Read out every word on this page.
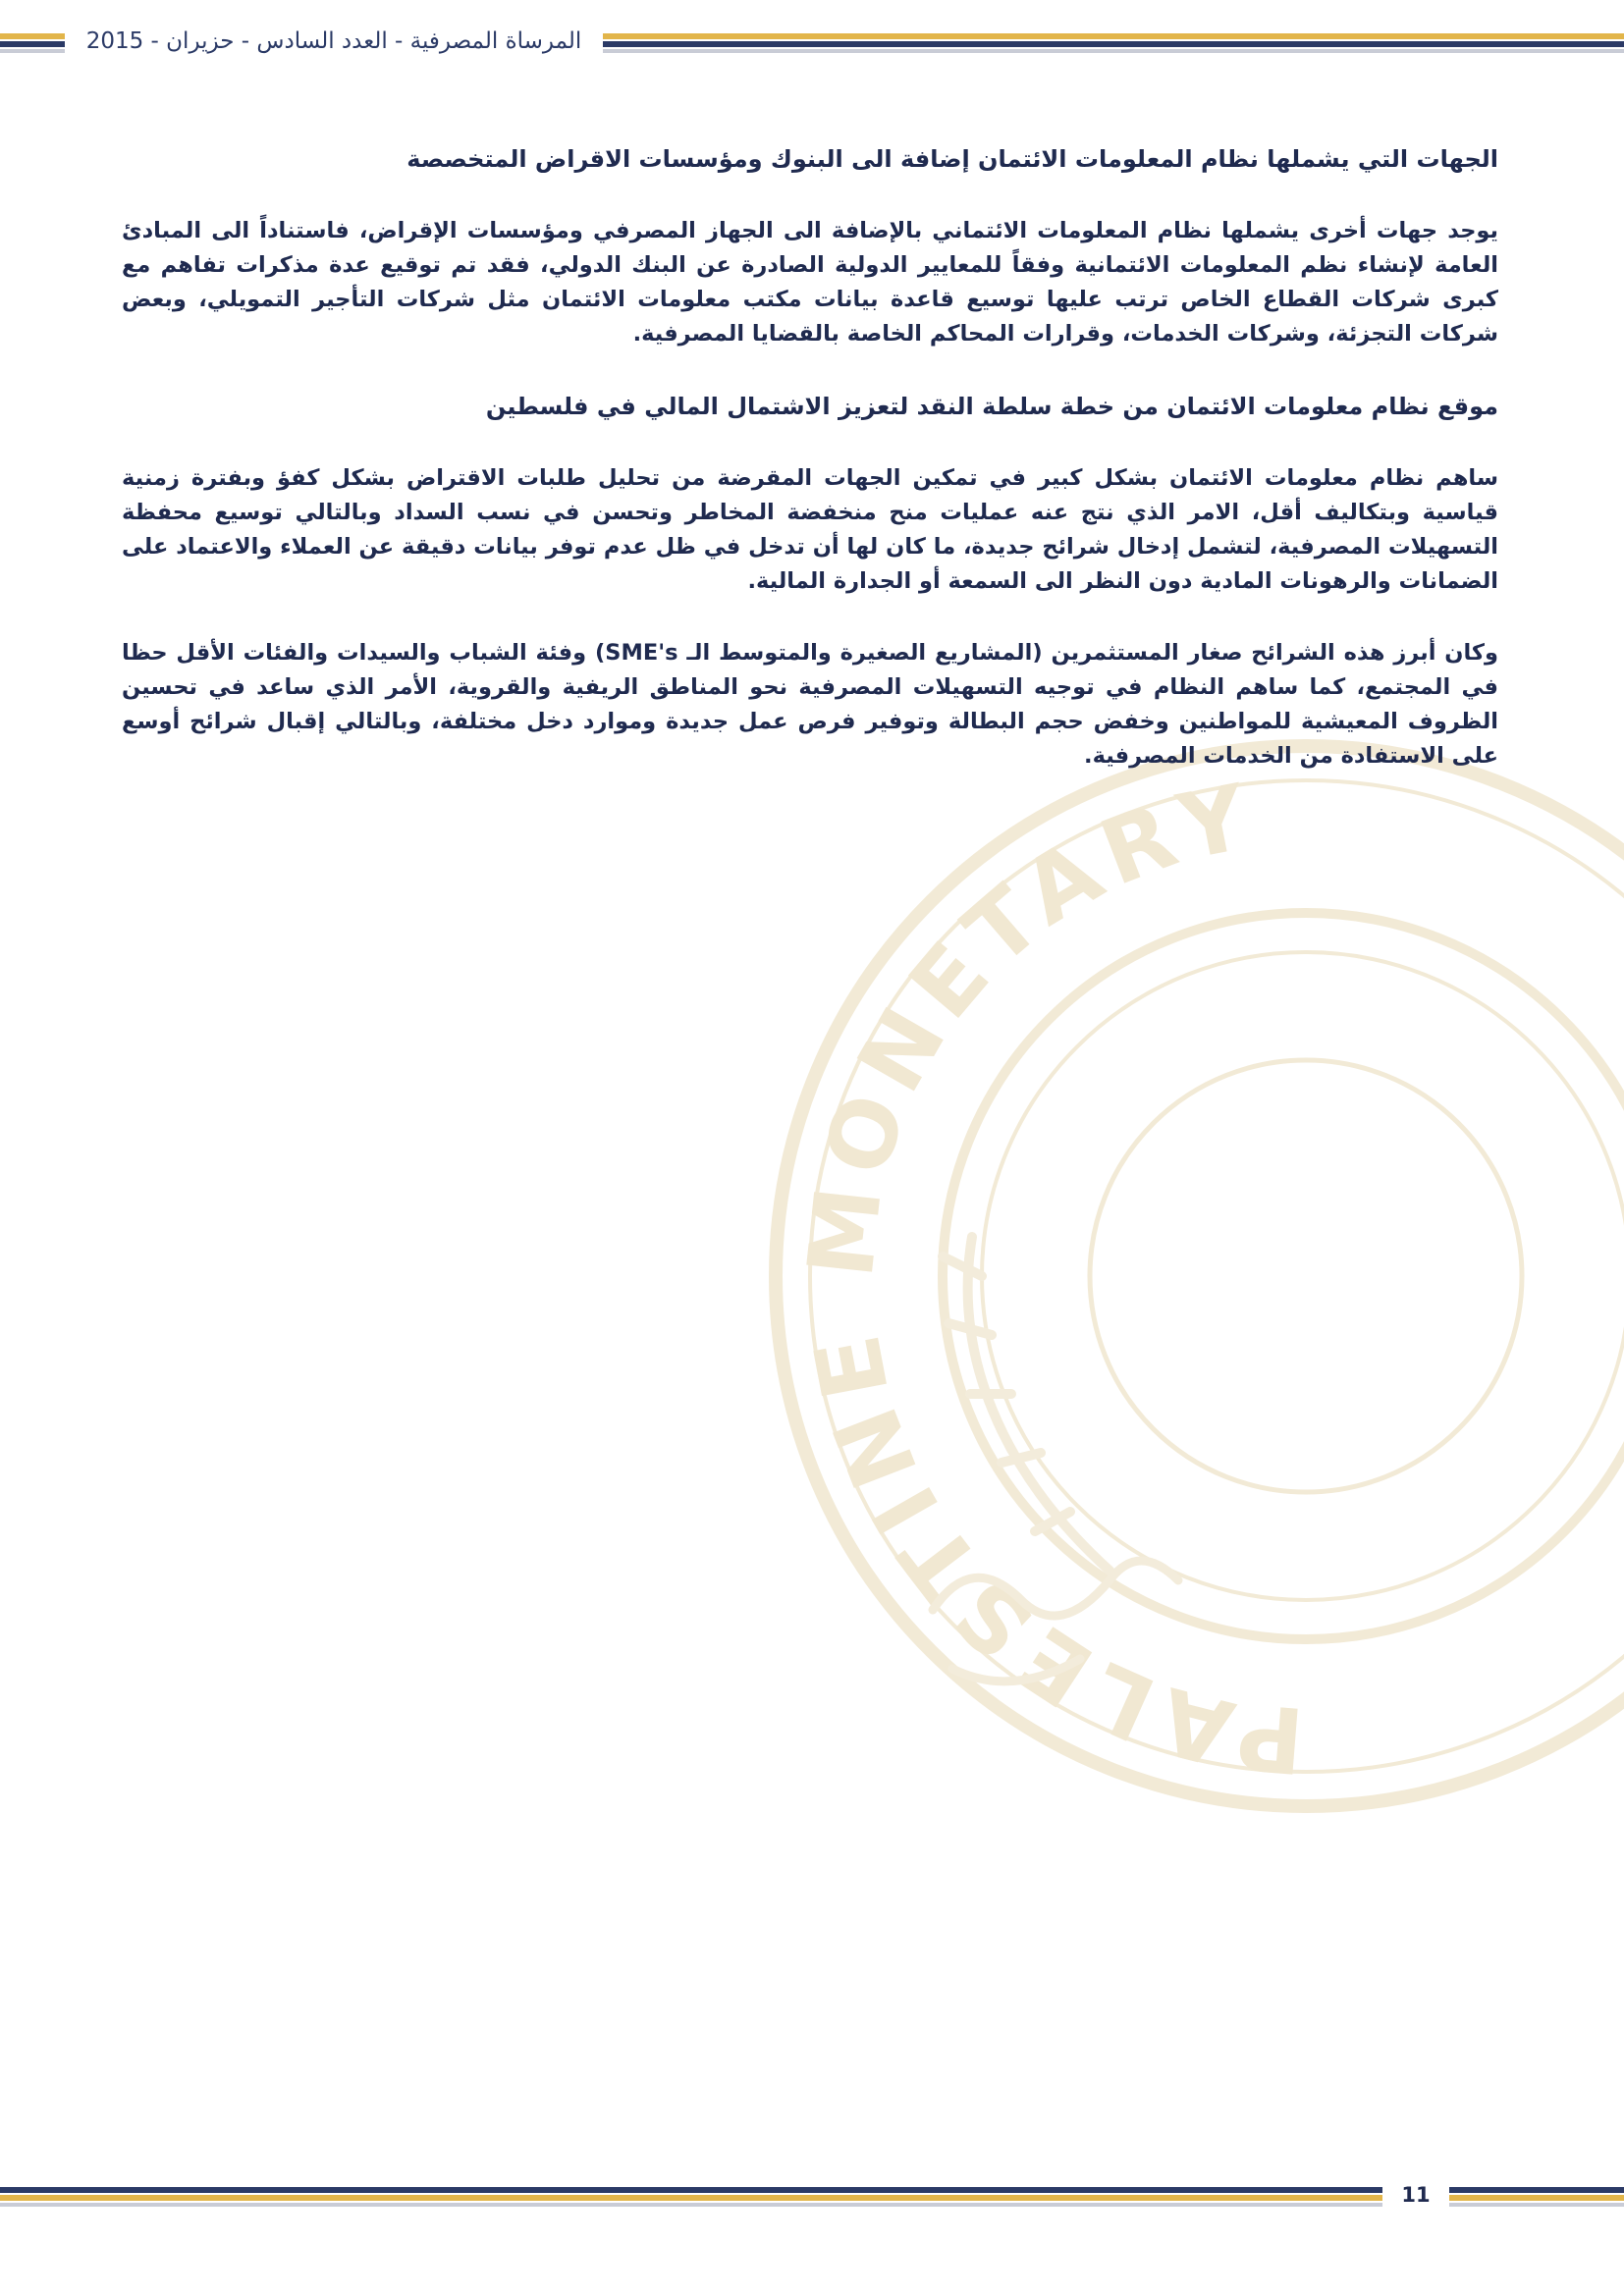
المرساة المصرفية - العدد السادس - حزيران - 2015
PALESTINE MONETARY
الجهات التي يشملها نظام المعلومات الائتمان إضافة الى البنوك ومؤسسات الاقراض المتخصصة

يوجد جهات أخرى يشملها نظام المعلومات الائتماني بالإضافة الى الجهاز المصرفي ومؤسسات الإقراض، فاستناداً الى المبادئ العامة لإنشاء نظم المعلومات الائتمانية وفقاً للمعايير الدولية الصادرة عن البنك الدولي، فقد تم توقيع عدة مذكرات تفاهم مع كبرى شركات القطاع الخاص ترتب عليها توسيع قاعدة بيانات مكتب معلومات الائتمان مثل شركات التأجير التمويلي، وبعض شركات التجزئة، وشركات الخدمات، وقرارات المحاكم الخاصة بالقضايا المصرفية.

موقع نظام معلومات الائتمان من خطة سلطة النقد لتعزيز الاشتمال المالي في فلسطين

ساهم نظام معلومات الائتمان بشكل كبير في تمكين الجهات المقرضة من تحليل طلبات الاقتراض بشكل كفؤ وبفترة زمنية قياسية وبتكاليف أقل، الامر الذي نتج عنه عمليات منح منخفضة المخاطر وتحسن في نسب السداد وبالتالي توسيع محفظة التسهيلات المصرفية، لتشمل إدخال شرائح جديدة، ما كان لها أن تدخل في ظل عدم توفر بيانات دقيقة عن العملاء والاعتماد على الضمانات والرهونات المادية دون النظر الى السمعة أو الجدارة المالية.

وكان أبرز هذه الشرائح صغار المستثمرين (المشاريع الصغيرة والمتوسط الـ SME's) وفئة الشباب والسيدات والفئات الأقل حظا في المجتمع، كما ساهم النظام في توجيه التسهيلات المصرفية نحو المناطق الريفية والقروية، الأمر الذي ساعد في تحسين الظروف المعيشية للمواطنين وخفض حجم البطالة وتوفير فرص عمل جديدة وموارد دخل مختلفة، وبالتالي إقبال شرائح أوسع على الاستفادة من الخدمات المصرفية.

11
